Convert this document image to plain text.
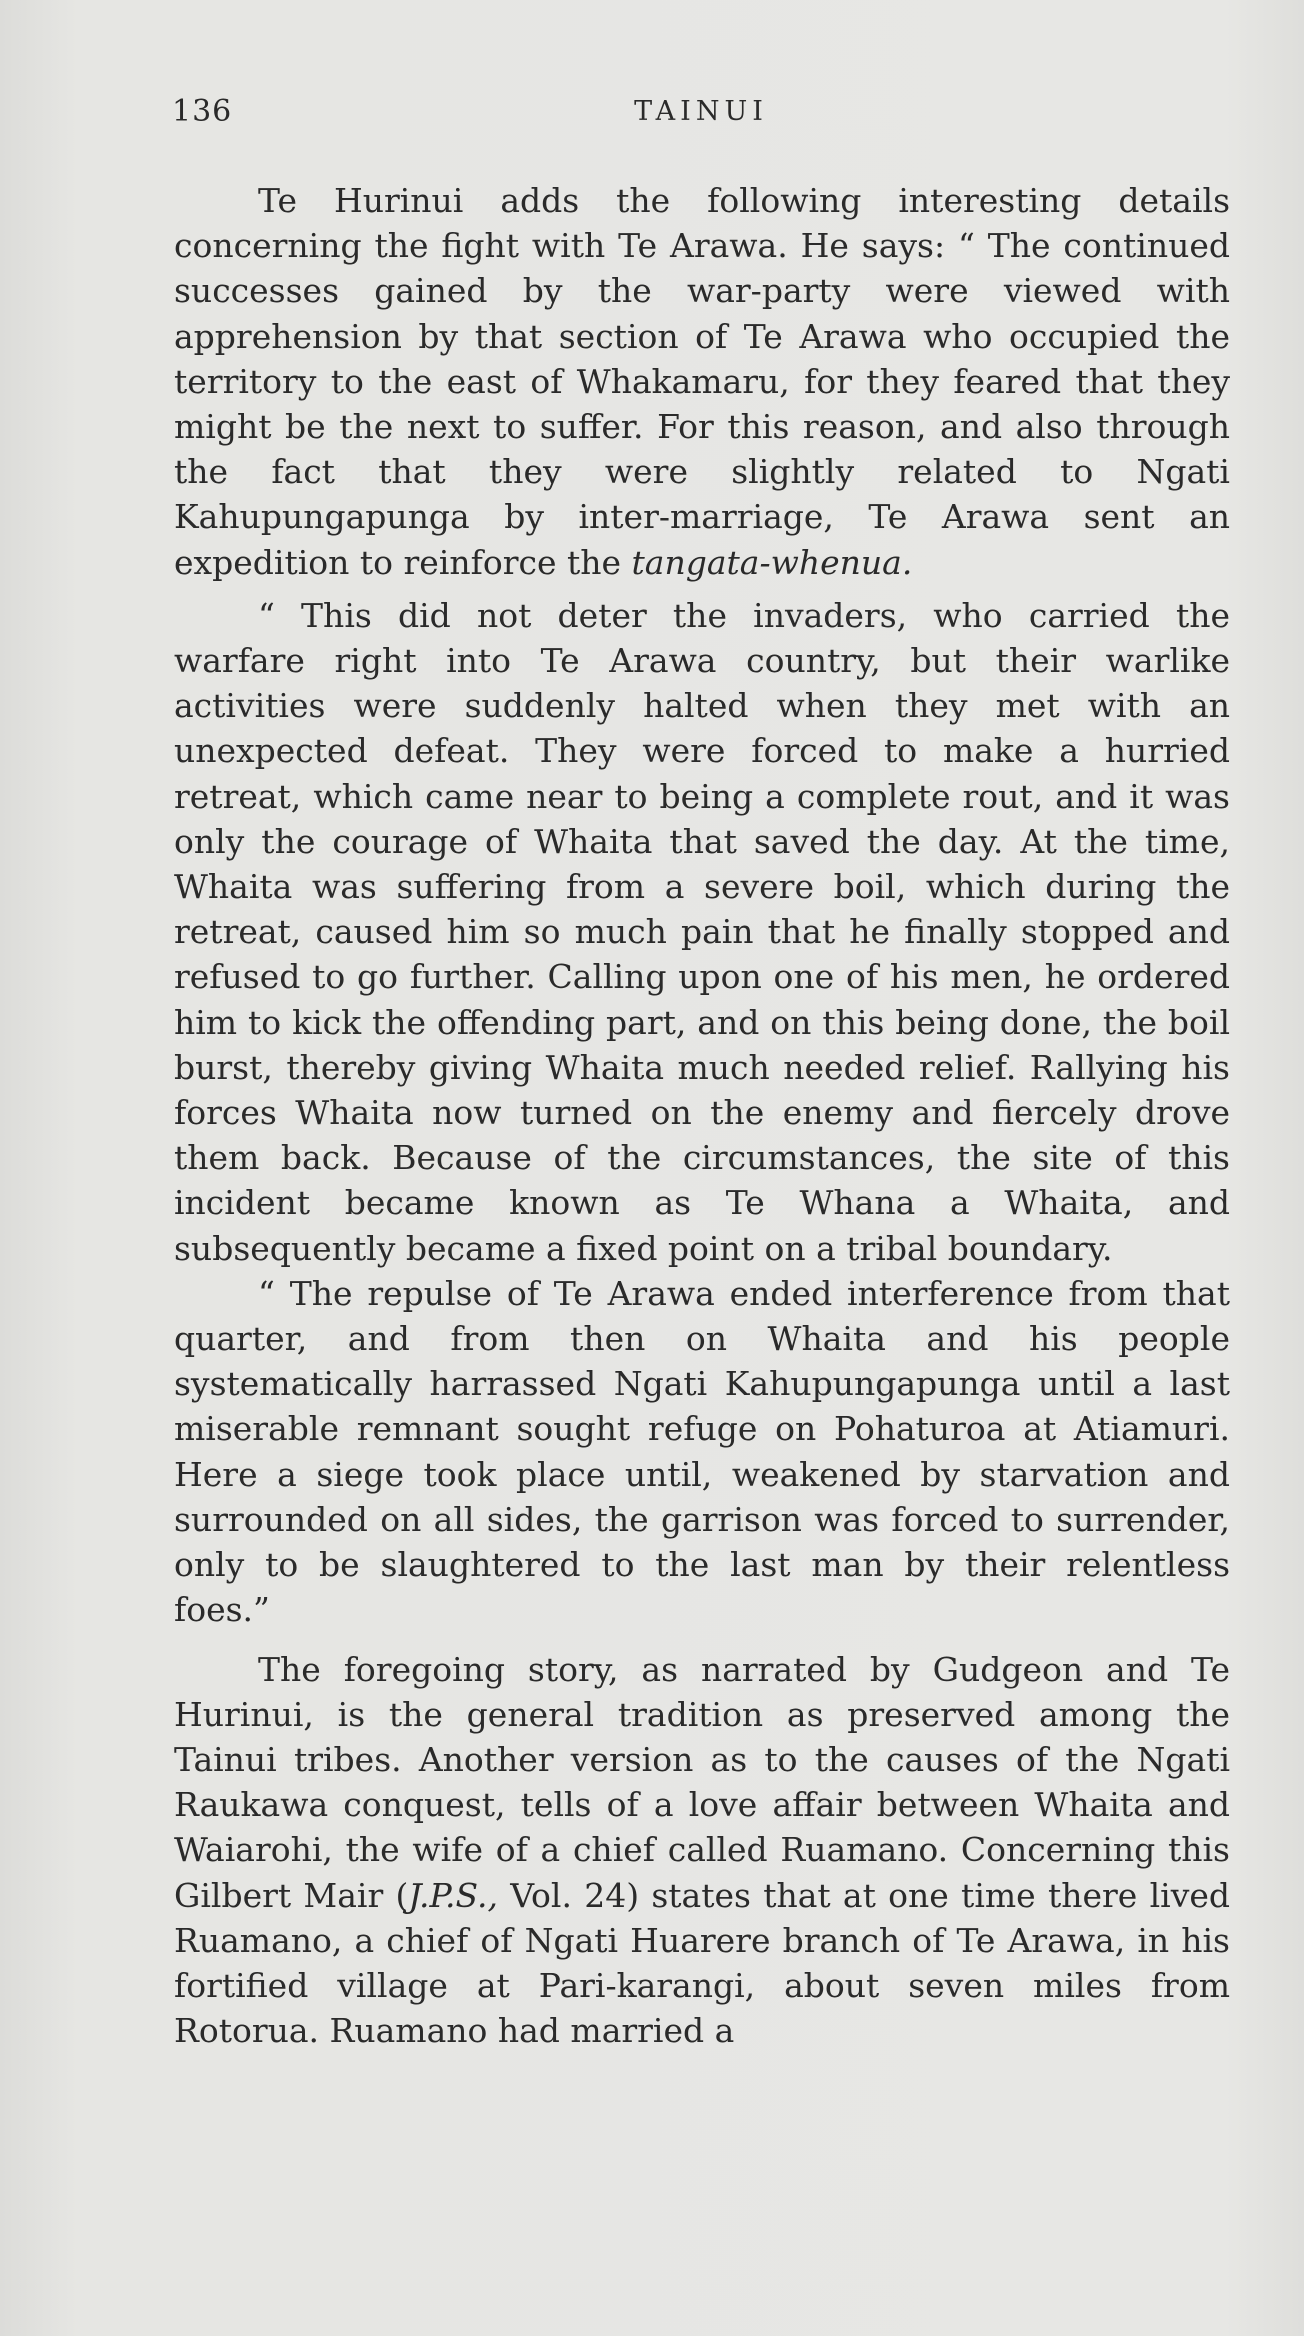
136	TAINUI

Te Hurinui adds the following interesting details concerning the fight with Te Arawa. He says: “ The continued successes gained by the war-party were viewed with apprehension by that section of Te Arawa who occupied the territory to the east of Whakamaru, for they feared that they might be the next to suffer. For this reason, and also through the fact that they were slightly related to Ngati Kahupungapunga by inter-marriage, Te Arawa sent an expedition to reinforce the tangata-whenua.

“ This did not deter the invaders, who carried the warfare right into Te Arawa country, but their warlike activities were suddenly halted when they met with an unexpected defeat. They were forced to make a hurried retreat, which came near to being a complete rout, and it was only the courage of Whaita that saved the day. At the time, Whaita was suffering from a severe boil, which during the retreat, caused him so much pain that he finally stopped and refused to go further. Calling upon one of his men, he ordered him to kick the offending part, and on this being done, the boil burst, thereby giving Whaita much needed relief. Rallying his forces Whaita now turned on the enemy and fiercely drove them back. Because of the circumstances, the site of this incident became known as Te Whana a Whaita, and subsequently became a fixed point on a tribal boundary.

“ The repulse of Te Arawa ended interference from that quarter, and from then on Whaita and his people systematically harrassed Ngati Kahupungapunga until a last miserable remnant sought refuge on Pohaturoa at Atiamuri. Here a siege took place until, weakened by starvation and surrounded on all sides, the garrison was forced to surrender, only to be slaughtered to the last man by their relentless foes.”

The foregoing story, as narrated by Gudgeon and Te Hurinui, is the general tradition as preserved among the Tainui tribes. Another version as to the causes of the Ngati Raukawa conquest, tells of a love affair between Whaita and Waiarohi, the wife of a chief called Ruamano. Concerning this Gilbert Mair (J.P.S., Vol. 24) states that at one time there lived Ruamano, a chief of Ngati Huarere branch of Te Arawa, in his fortified village at Pari-karangi, about seven miles from Rotorua. Ruamano had married a
